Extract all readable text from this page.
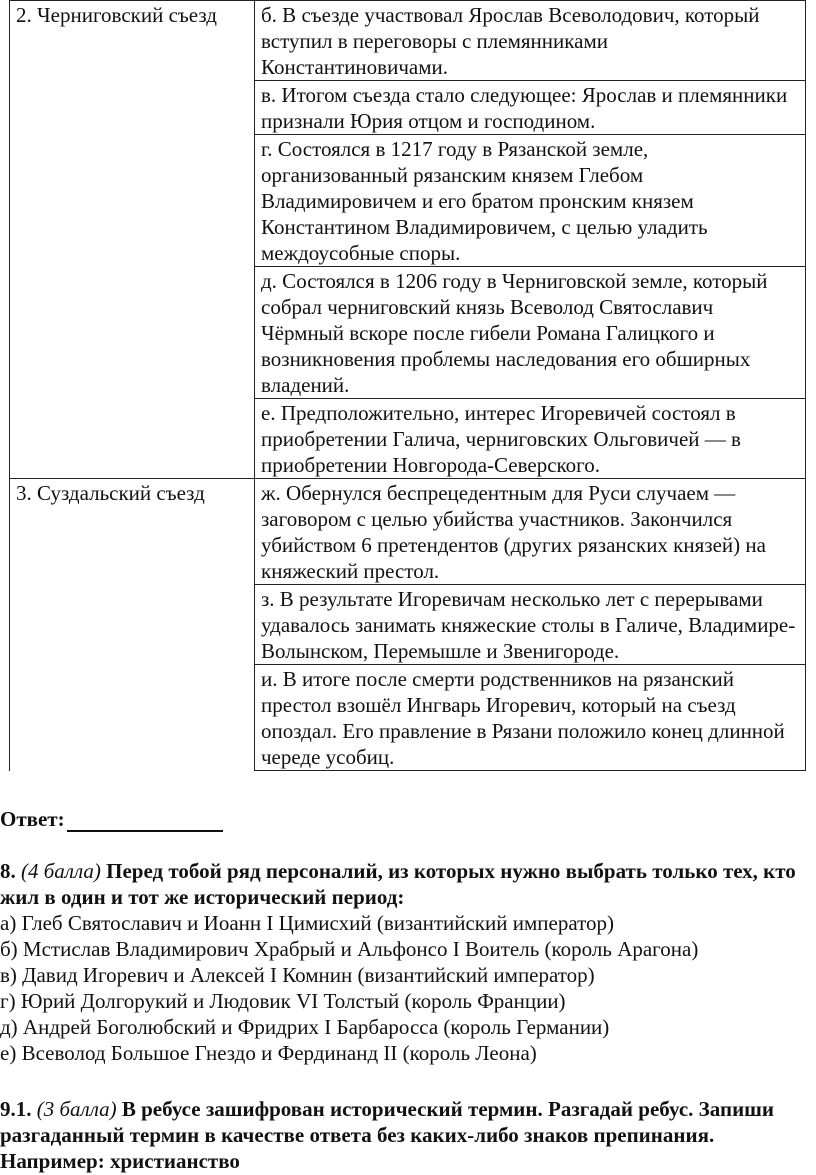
2. Черниговский съезд	б. В съезде участвовал Ярослав Всеволодович, который вступил в переговоры с племянниками Константиновичами.
	в. Итогом съезда стало следующее: Ярослав и племянники признали Юрия отцом и господином.
	г. Состоялся в 1217 году в Рязанской земле, организованный рязанским князем Глебом Владимировичем и его братом пронским князем Константином Владимировичем, с целью уладить междоусобные споры.
	д. Состоялся в 1206 году в Черниговской земле, который собрал черниговский князь Всеволод Святославич Чёрмный вскоре после гибели Романа Галицкого и возникновения проблемы наследования его обширных владений.
	е. Предположительно, интерес Игоревичей состоял в приобретении Галича, черниговских Ольговичей — в приобретении Новгорода-Северского.
3. Суздальский съезд	ж. Обернулся беспрецедентным для Руси случаем — заговором с целью убийства участников. Закончился убийством 6 претендентов (других рязанских князей) на княжеский престол.
	з. В результате Игоревичам несколько лет с перерывами удавалось занимать княжеские столы в Галиче, Владимире-Волынском, Перемышле и Звенигороде.
	и. В итоге после смерти родственников на рязанский престол взошёл Ингварь Игоревич, который на съезд опоздал. Его правление в Рязани положило конец длинной череде усобиц.
Ответ:
8. (4 балла) Перед тобой ряд персоналий, из которых нужно выбрать только тех, кто жил в один и тот же исторический период:
а) Глеб Святославич и Иоанн I Цимисхий (византийский император)
б) Мстислав Владимирович Храбрый и Альфонсо I Воитель (король Арагона)
в) Давид Игоревич и Алексей I Комнин (византийский император)
г) Юрий Долгорукий и Людовик VI Толстый (король Франции)
д) Андрей Боголюбский и Фридрих I Барбаросса (король Германии)
е) Всеволод Большое Гнездо и Фердинанд II (король Леона)
9.1. (3 балла) В ребусе зашифрован исторический термин. Разгадай ребус. Запиши разгаданный термин в качестве ответа без каких-либо знаков препинания. Например: христианство
